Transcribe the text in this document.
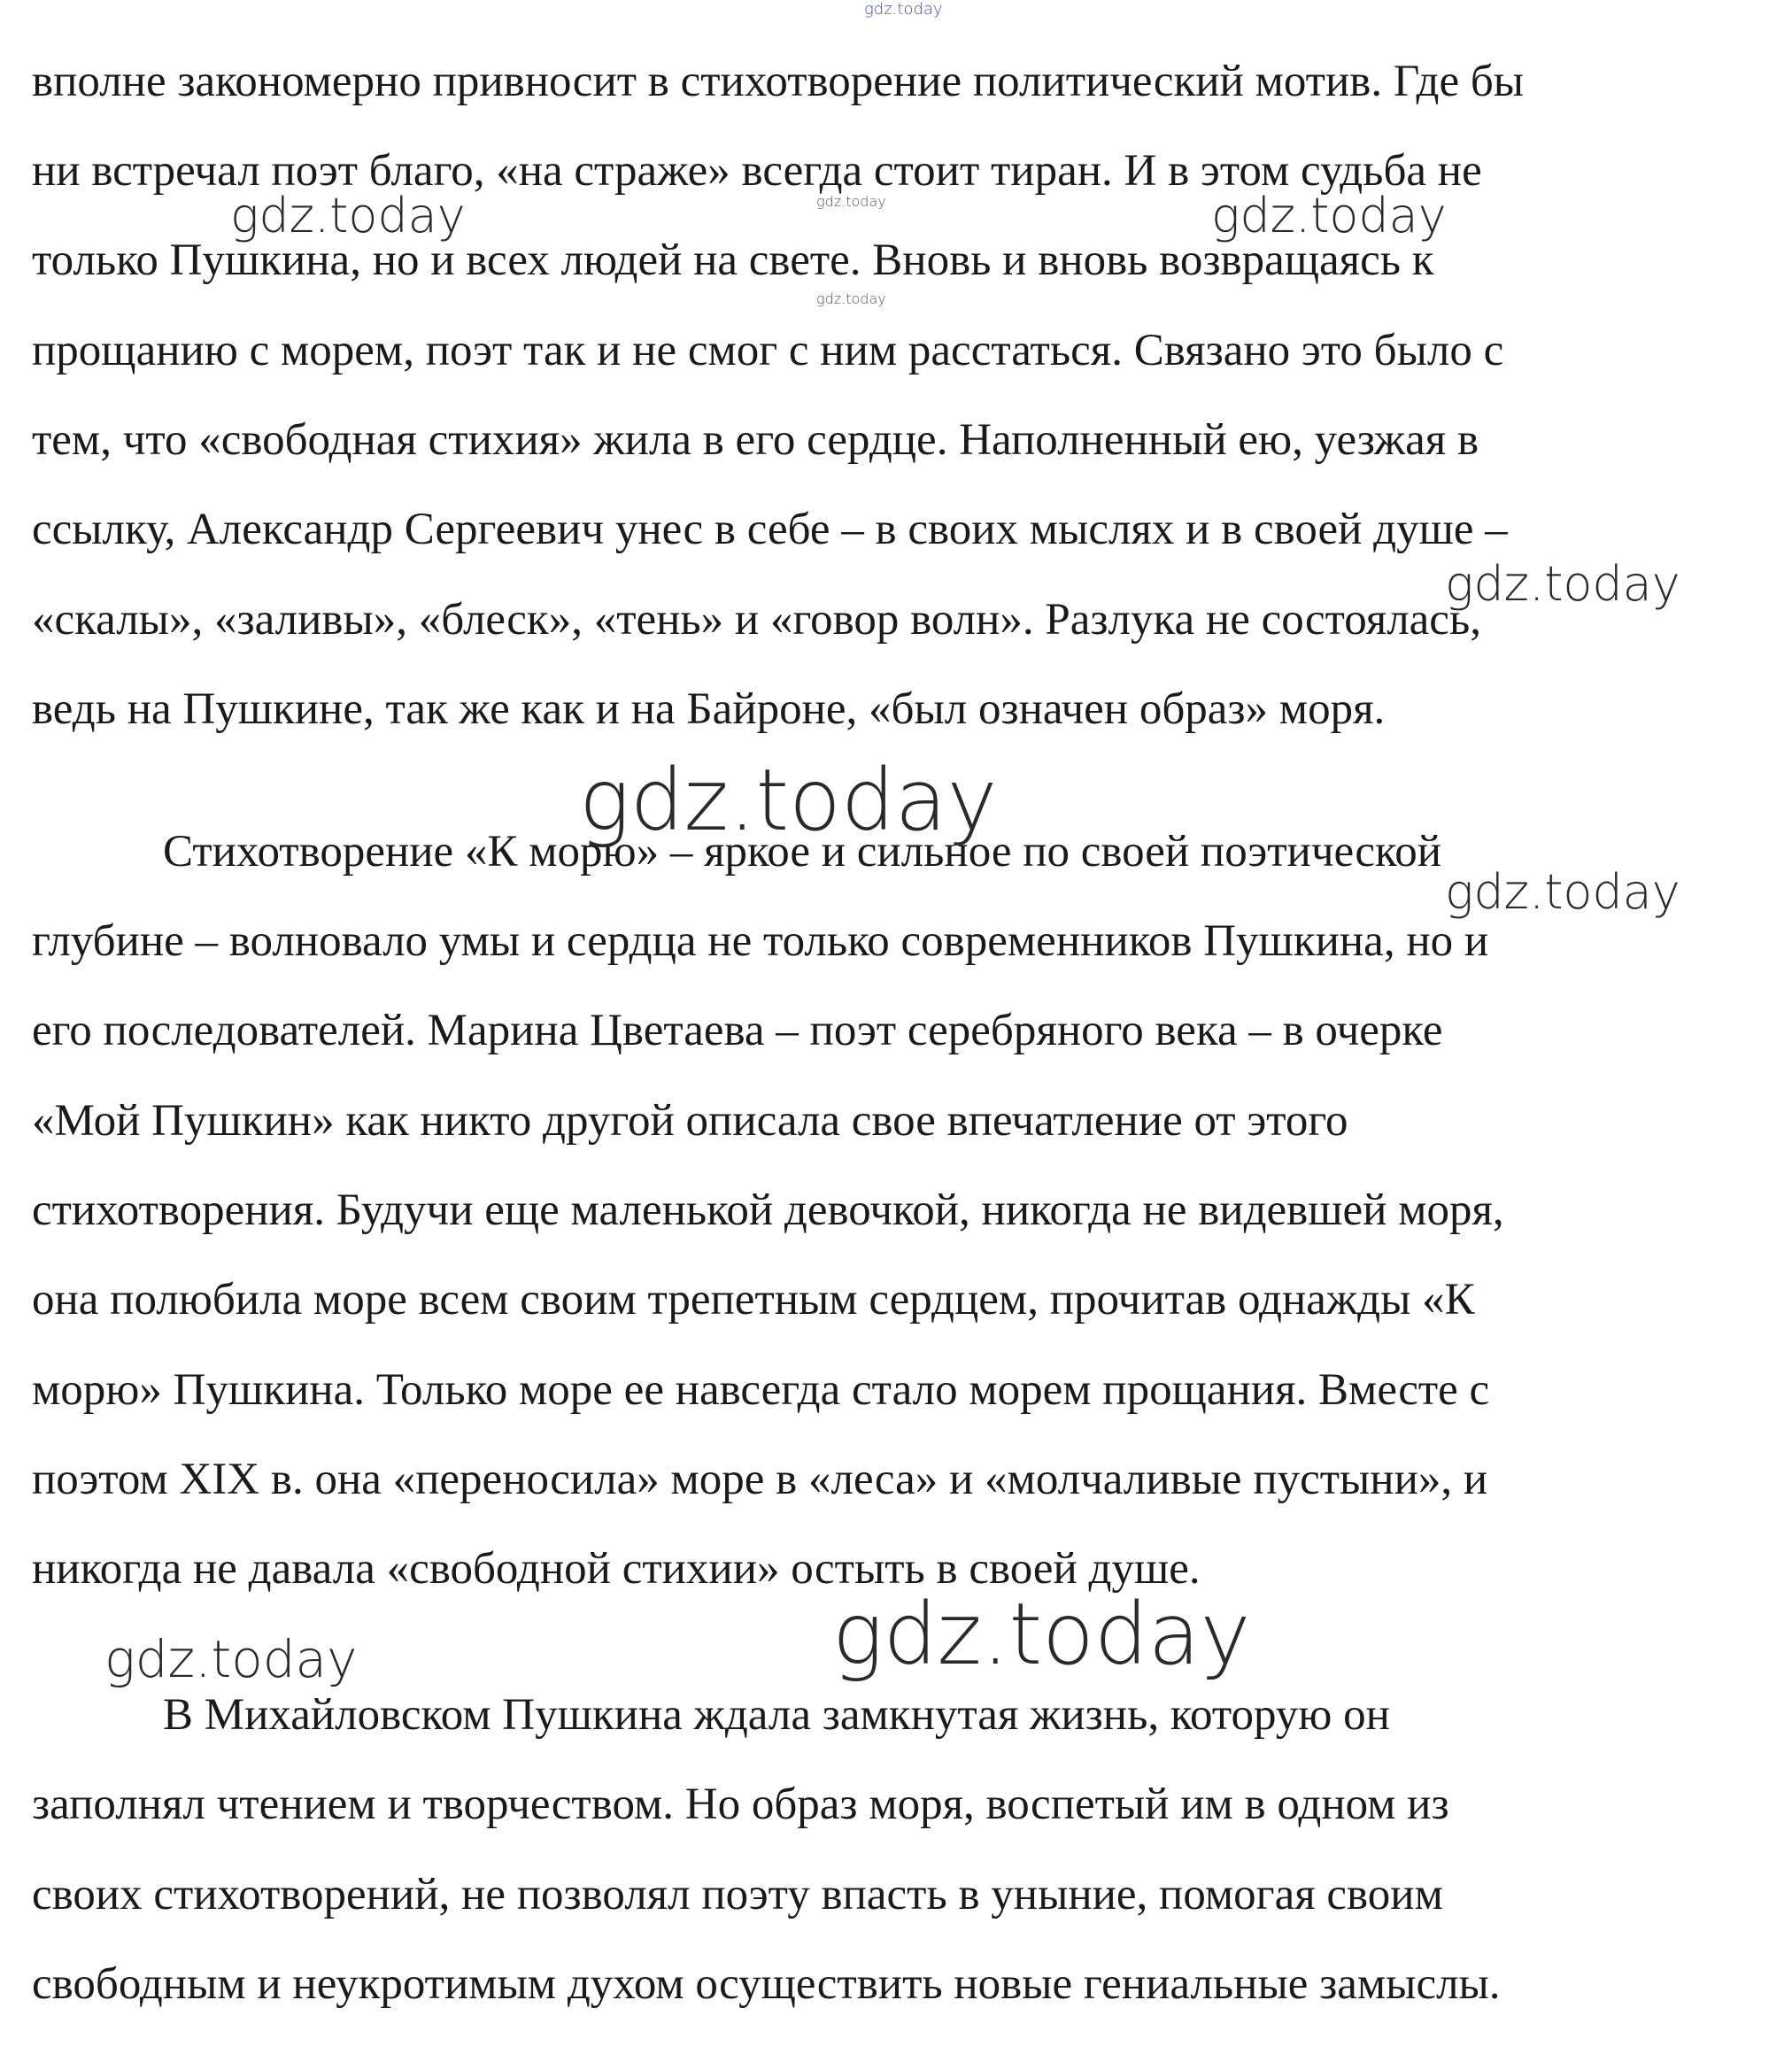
вполне закономерно привносит в стихотворение политический мотив. Где бы
ни встречал поэт благо, «на страже» всегда стоит тиран. И в этом судьба не
только Пушкина, но и всех людей на свете. Вновь и вновь возвращаясь к
прощанию с морем, поэт так и не смог с ним расстаться. Связано это было с
тем, что «свободная стихия» жила в его сердце. Наполненный ею, уезжая в
ссылку, Александр Сергеевич унес в себе – в своих мыслях и в своей душе –
«скалы», «заливы», «блеск», «тень» и «говор волн». Разлука не состоялась,
ведь на Пушкине, так же как и на Байроне, «был означен образ» моря.
Стихотворение «К морю» – яркое и сильное по своей поэтической
глубине – волновало умы и сердца не только современников Пушкина, но и
его последователей. Марина Цветаева – поэт серебряного века – в очерке
«Мой Пушкин» как никто другой описала свое впечатление от этого
стихотворения. Будучи еще маленькой девочкой, никогда не видевшей моря,
она полюбила море всем своим трепетным сердцем, прочитав однажды «К
морю» Пушкина. Только море ее навсегда стало морем прощания. Вместе с
поэтом XIX в. она «переносила» море в «леса» и «молчаливые пустыни», и
никогда не давала «свободной стихии» остыть в своей душе.
В Михайловском Пушкина ждала замкнутая жизнь, которую он
заполнял чтением и творчеством. Но образ моря, воспетый им в одном из
своих стихотворений, не позволял поэту впасть в уныние, помогая своим
свободным и неукротимым духом осуществить новые гениальные замыслы.
gdz.today
gdz.today	gdz.today	gdz.today
gdz.today
gdz.today
gdz.today
gdz.today
gdz.today
gdz.today
